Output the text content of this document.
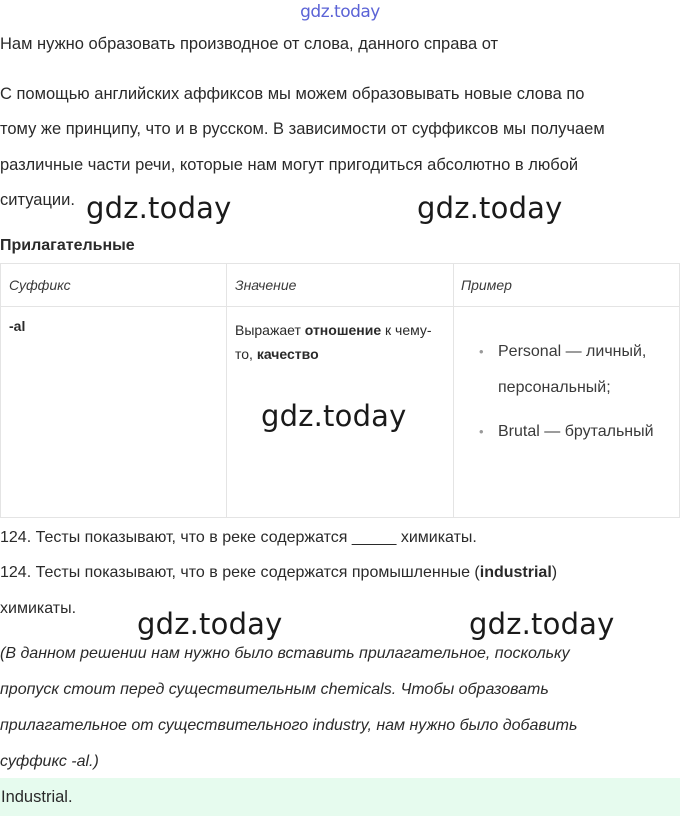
gdz.today
Нам нужно образовать производное от слова, данного справа от
С помощью английских аффиксов мы можем образовывать новые слова по
тому же принципу, что и в русском. В зависимости от суффиксов мы получаем
различные части речи, которые нам могут пригодиться абсолютно в любой
ситуации. gdz.today	gdz.today
Прилагательные
Суффикс	Значение	Пример
-al	Выражает отношение к чему-то, качество	• Personal — личный, персональный;
• Brutal — брутальный
gdz.today
124. Тесты показывают, что в реке содержатся _____ химикаты.
124. Тесты показывают, что в реке содержатся промышленные (industrial)
химикаты. gdz.today	gdz.today
(В данном решении нам нужно было вставить прилагательное, поскольку
пропуск стоит перед существительным chemicals. Чтобы образовать
прилагательное от существительного industry, нам нужно было добавить
суффикс -al.)
Industrial.
